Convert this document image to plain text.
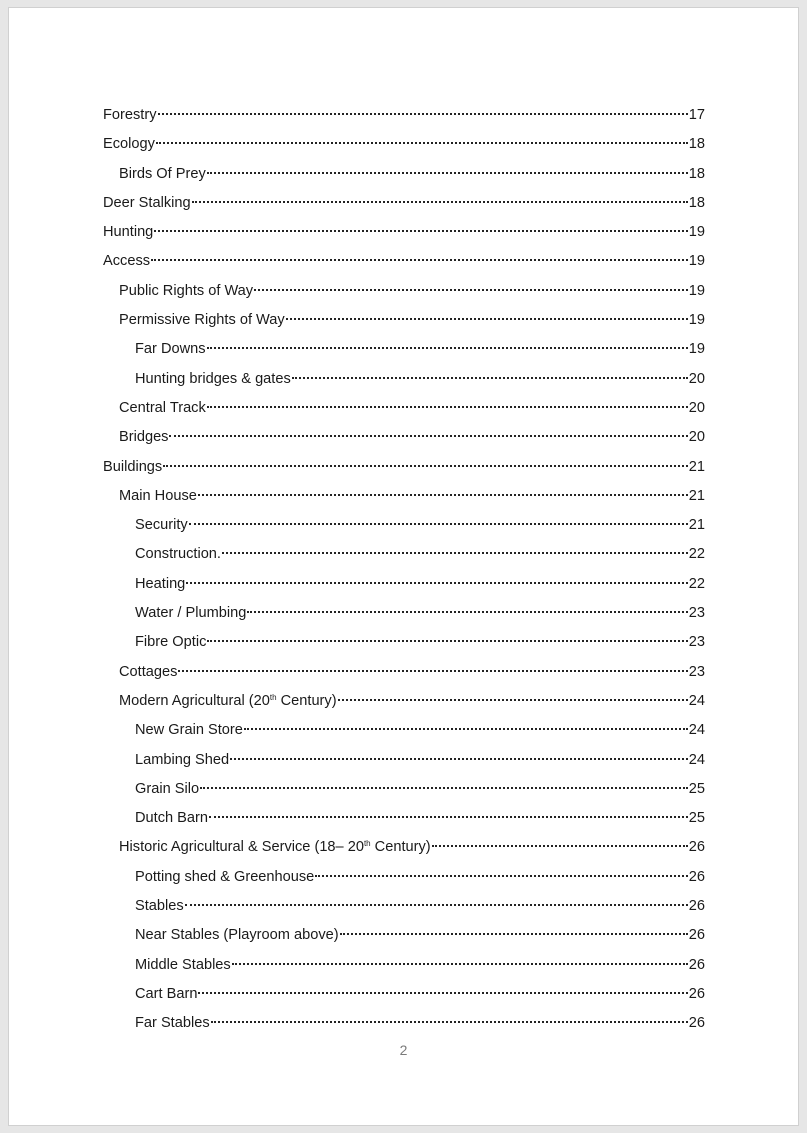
Forestry	17
Ecology	18
Birds Of Prey	18
Deer Stalking	18
Hunting	19
Access	19
Public Rights of Way	19
Permissive Rights of Way	19
Far Downs	19
Hunting bridges & gates	20
Central Track	20
Bridges	20
Buildings	21
Main House	21
Security	21
Construction.	22
Heating	22
Water / Plumbing	23
Fibre Optic	23
Cottages	23
Modern Agricultural (20th Century)	24
New Grain Store	24
Lambing Shed	24
Grain Silo	25
Dutch Barn	25
Historic Agricultural & Service (18– 20th Century)	26
Potting shed & Greenhouse	26
Stables	26
Near Stables (Playroom above)	26
Middle Stables	26
Cart Barn	26
Far Stables	26
2
